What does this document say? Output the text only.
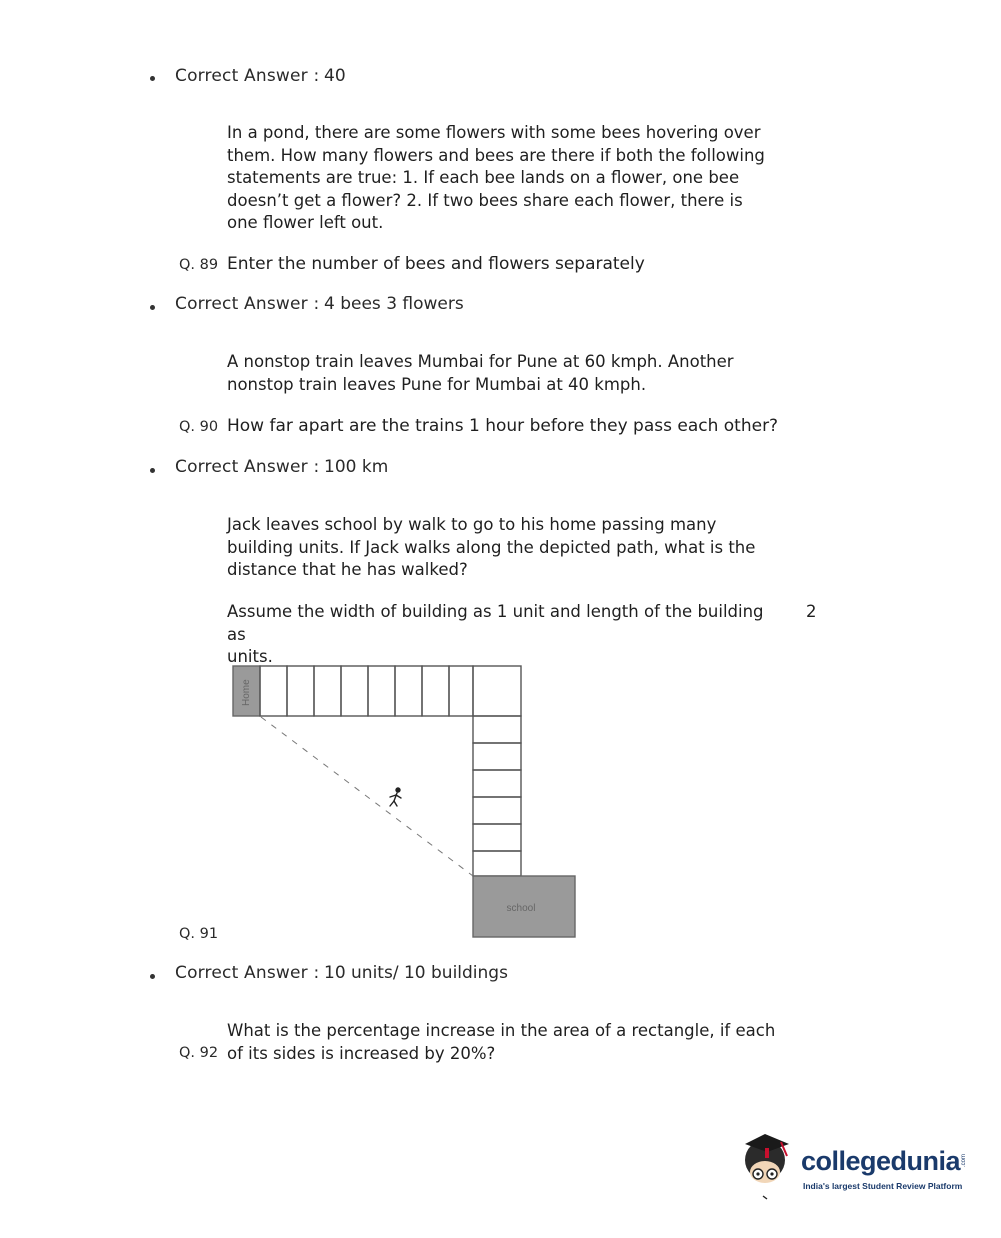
Correct Answer : 40
In a pond, there are some flowers with some bees hovering over them. How many flowers and bees are there if both the following statements are true: 1. If each bee lands on a flower, one bee doesn’t get a flower? 2. If two bees share each flower, there is one flower left out.
Q. 89 Enter the number of bees and flowers separately
Correct Answer : 4 bees 3 flowers
A nonstop train leaves Mumbai for Pune at 60 kmph. Another nonstop train leaves Pune for Mumbai at 40 kmph.
Q. 90 How far apart are the trains 1 hour before they pass each other?
Correct Answer : 100 km
Jack leaves school by walk to go to his home passing many building units. If Jack walks along the depicted path, what is the distance that he has walked?
Assume the width of building as 1 unit and length of the building as
units.
2
Home
school
Q. 91
Correct Answer : 10 units/ 10 buildings
What is the percentage increase in the area of a rectangle, if each of its sides is increased by 20%?
Q. 92
collegedunia .com
India's largest Student Review Platform
